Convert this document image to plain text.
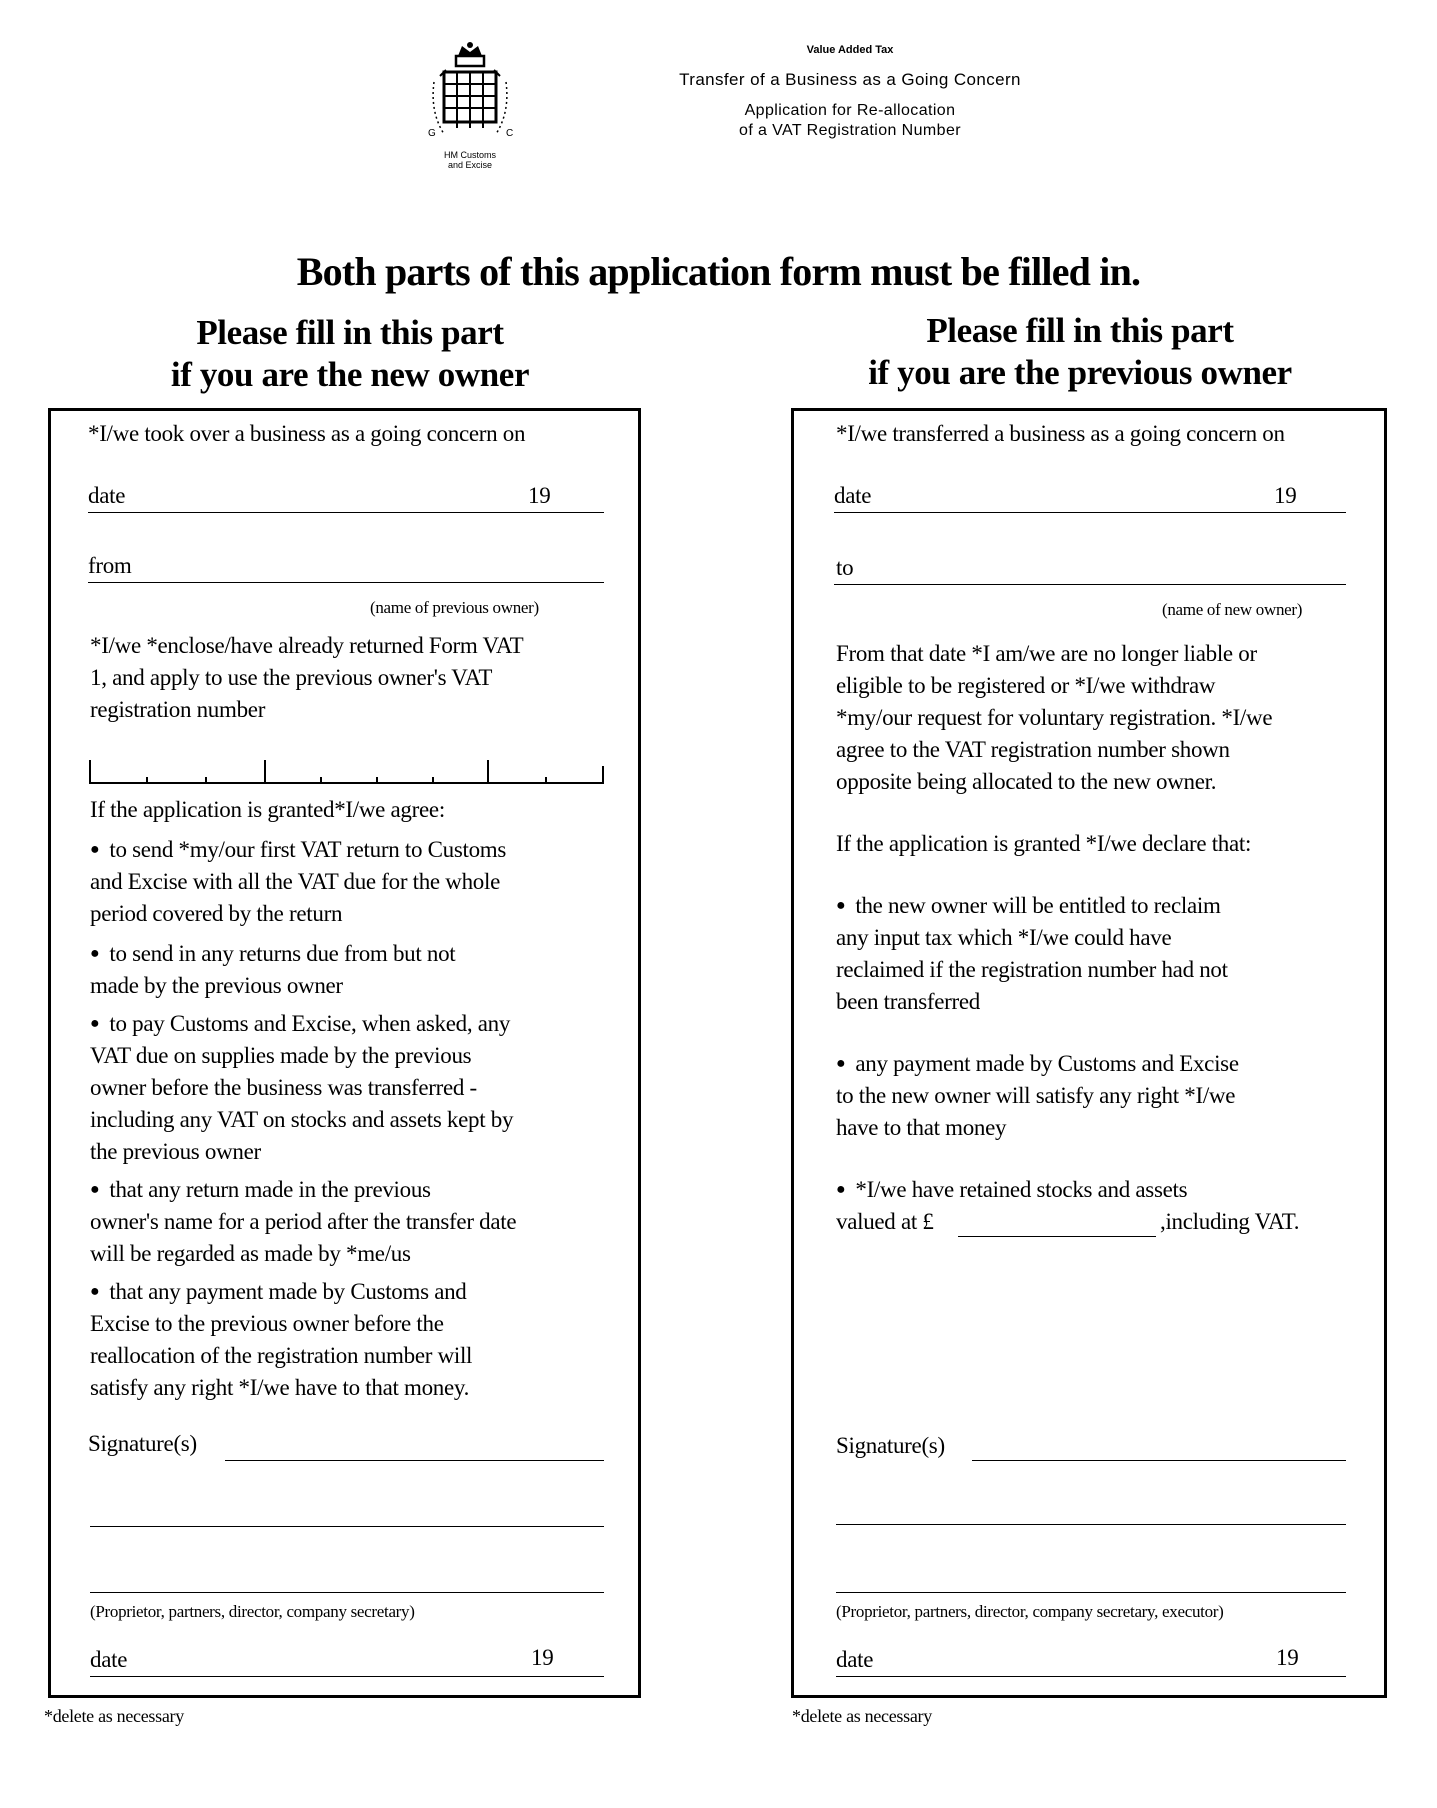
G	C
HM Customs
and Excise
Value Added Tax
Transfer of a Business as a Going Concern
Application for Re-allocation
of a VAT Registration Number
Both parts of this application form must be filled in.
Please fill in this part
if you are the new owner
Please fill in this part
if you are the previous owner
*I/we took over a business as a going concern on
date	19
from
(name of previous owner)
*I/we *enclose/have already returned Form VAT
1, and apply to use the previous owner's VAT
registration number
If the application is granted*I/we agree:
● to send *my/our first VAT return to Customs
and Excise with all the VAT due for the whole
period covered by the return
● to send in any returns due from but not
made by the previous owner
● to pay Customs and Excise, when asked, any
VAT due on supplies made by the previous
owner before the business was transferred -
including any VAT on stocks and assets kept by
the previous owner
● that any return made in the previous
owner's name for a period after the transfer date
will be regarded as made by *me/us
● that any payment made by Customs and
Excise to the previous owner before the
reallocation of the registration number will
satisfy any right *I/we have to that money.
Signature(s)
(Proprietor, partners, director, company secretary)
date	19
*delete as necessary
*I/we transferred a business as a going concern on
date	19
to
(name of new owner)
From that date *I am/we are no longer liable or
eligible to be registered or *I/we withdraw
*my/our request for voluntary registration. *I/we
agree to the VAT registration number shown
opposite being allocated to the new owner.
If the application is granted *I/we declare that:
● the new owner will be entitled to reclaim
any input tax which *I/we could have
reclaimed if the registration number had not
been transferred
● any payment made by Customs and Excise
to the new owner will satisfy any right *I/we
have to that money
● *I/we have retained stocks and assets
valued at £	,including VAT.
Signature(s)
(Proprietor, partners, director, company secretary, executor)
date	19
*delete as necessary
